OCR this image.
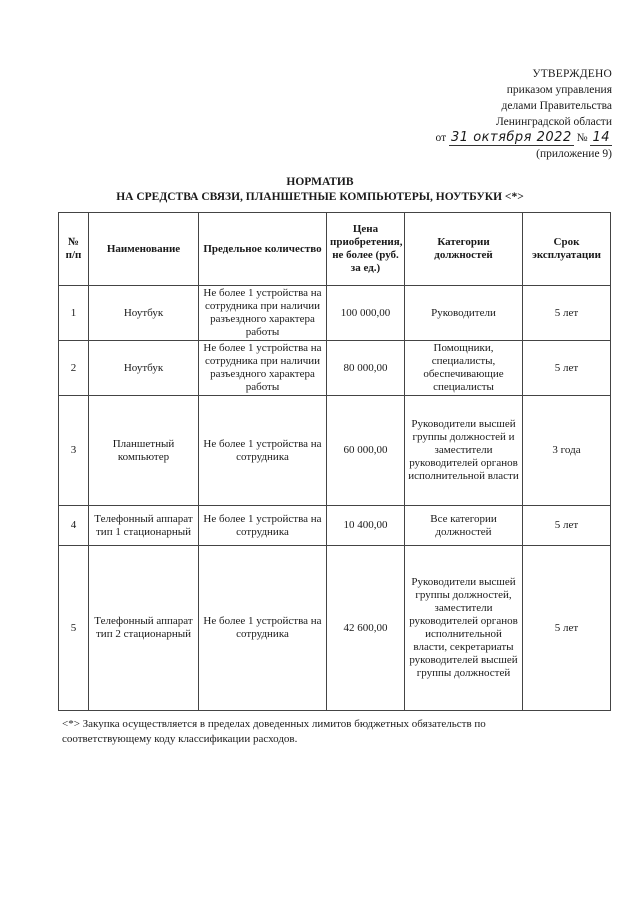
УТВЕРЖДЕНО
приказом управления
делами Правительства
Ленинградской области
от 31 октября 2022 № 14
(приложение 9)
НОРМАТИВ
НА СРЕДСТВА СВЯЗИ, ПЛАНШЕТНЫЕ КОМПЬЮТЕРЫ, НОУТБУКИ <*>
№ п/п	Наименование	Предельное количество	Цена приобретения, не более (руб. за ед.)	Категории должностей	Срок эксплуатации
1	Ноутбук	Не более 1 устройства на сотрудника при наличии разъездного характера работы	100 000,00	Руководители	5 лет
2	Ноутбук	Не более 1 устройства на сотрудника при наличии разъездного характера работы	80 000,00	Помощники, специалисты, обеспечивающие специалисты	5 лет
3	Планшетный компьютер	Не более 1 устройства на сотрудника	60 000,00	Руководители высшей группы должностей и заместители руководителей органов исполнительной власти	3 года
4	Телефонный аппарат тип 1 стационарный	Не более 1 устройства на сотрудника	10 400,00	Все категории должностей	5 лет
5	Телефонный аппарат тип 2 стационарный	Не более 1 устройства на сотрудника	42 600,00	Руководители высшей группы должностей, заместители руководителей органов исполнительной власти, секретариаты руководителей высшей группы должностей	5 лет
<*> Закупка осуществляется в пределах доведенных лимитов бюджетных обязательств по соответствующему коду классификации расходов.
